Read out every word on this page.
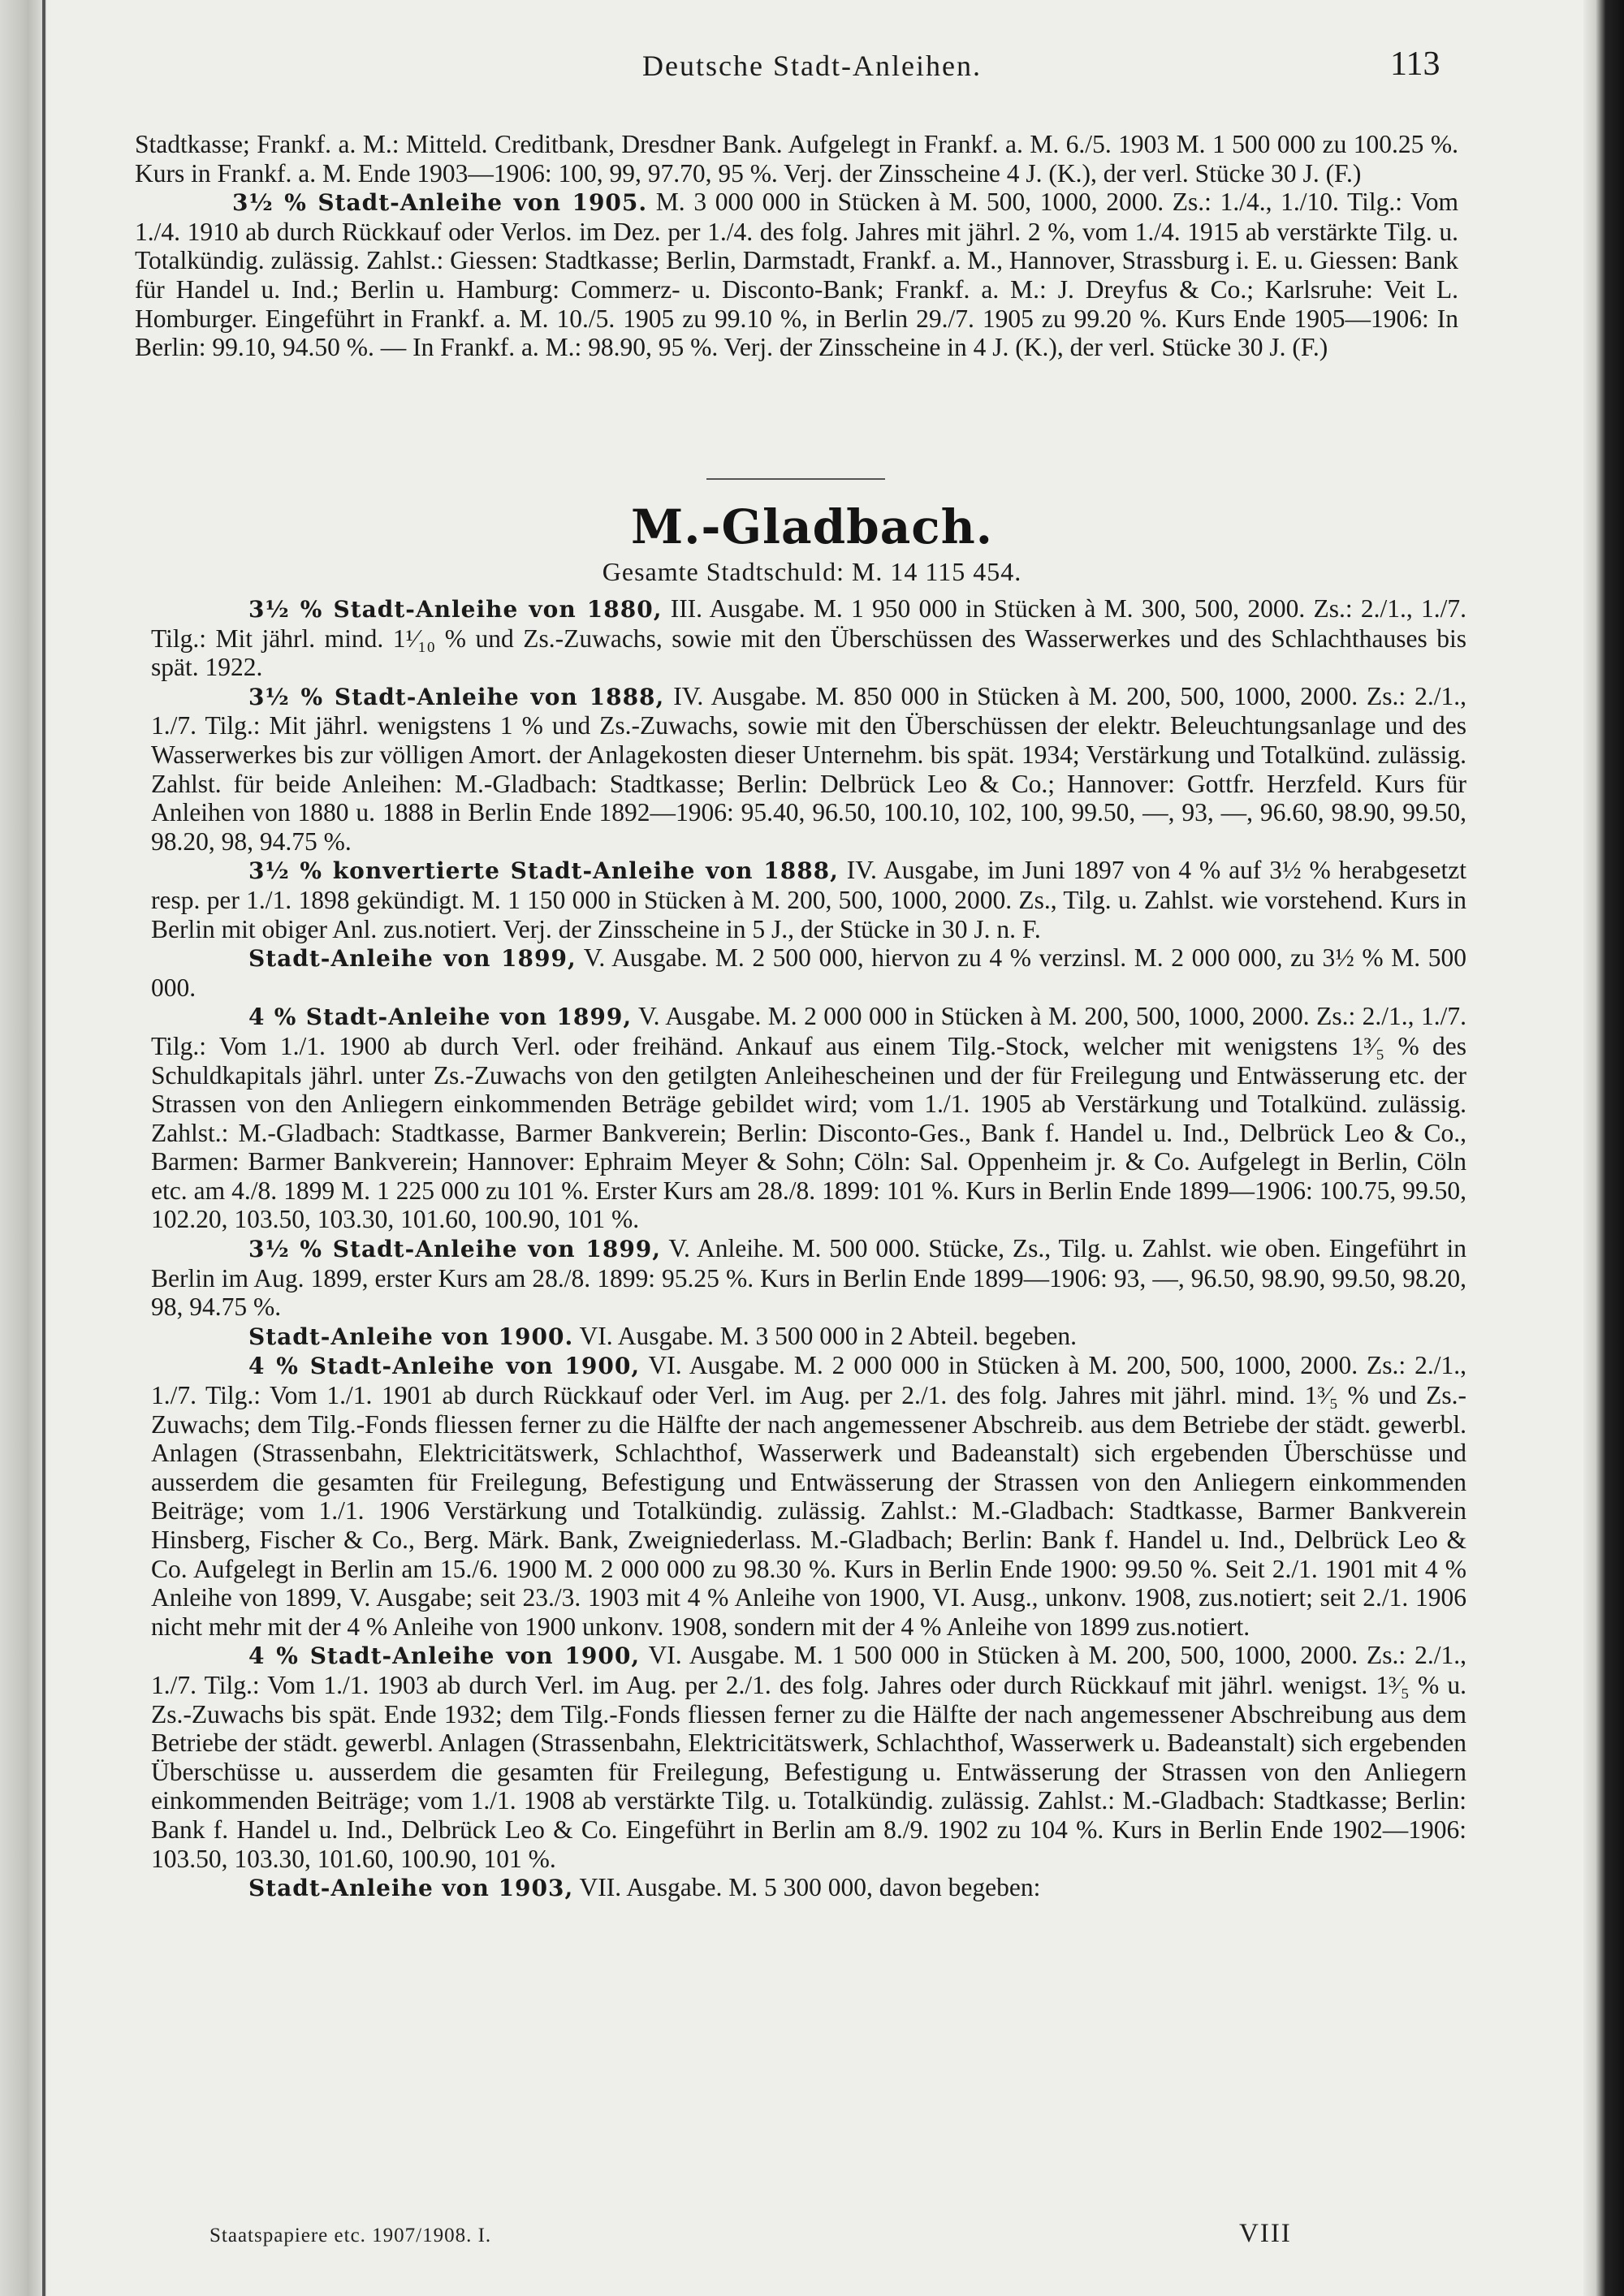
Deutsche Stadt-Anleihen.	113

Stadtkasse; Frankf. a. M.: Mitteld. Creditbank, Dresdner Bank. Aufgelegt in Frankf. a. M. 6./5. 1903 M. 1 500 000 zu 100.25 %. Kurs in Frankf. a. M. Ende 1903—1906: 100, 99, 97.70, 95 %. Verj. der Zinsscheine 4 J. (K.), der verl. Stücke 30 J. (F.)

3½ % Stadt-Anleihe von 1905. M. 3 000 000 in Stücken à M. 500, 1000, 2000. Zs.: 1./4., 1./10. Tilg.: Vom 1./4. 1910 ab durch Rückkauf oder Verlos. im Dez. per 1./4. des folg. Jahres mit jährl. 2 %, vom 1./4. 1915 ab verstärkte Tilg. u. Totalkündig. zulässig. Zahlst.: Giessen: Stadtkasse; Berlin, Darmstadt, Frankf. a. M., Hannover, Strassburg i. E. u. Giessen: Bank für Handel u. Ind.; Berlin u. Hamburg: Commerz- u. Disconto-Bank; Frankf. a. M.: J. Dreyfus & Co.; Karlsruhe: Veit L. Homburger. Eingeführt in Frankf. a. M. 10./5. 1905 zu 99.10 %, in Berlin 29./7. 1905 zu 99.20 %. Kurs Ende 1905—1906: In Berlin: 99.10, 94.50 %. — In Frankf. a. M.: 98.90, 95 %. Verj. der Zinsscheine in 4 J. (K.), der verl. Stücke 30 J. (F.)

M.-Gladbach.
Gesamte Stadtschuld: M. 14 115 454.

3½ % Stadt-Anleihe von 1880, III. Ausgabe. M. 1 950 000 in Stücken à M. 300, 500, 2000. Zs.: 2./1., 1./7. Tilg.: Mit jährl. mind. 1¹⁄₁₀ % und Zs.-Zuwachs, sowie mit den Überschüssen des Wasserwerkes und des Schlachthauses bis spät. 1922.

3½ % Stadt-Anleihe von 1888, IV. Ausgabe. M. 850 000 in Stücken à M. 200, 500, 1000, 2000. Zs.: 2./1., 1./7. Tilg.: Mit jährl. wenigstens 1 % und Zs.-Zuwachs, sowie mit den Überschüssen der elektr. Beleuchtungsanlage und des Wasserwerkes bis zur völligen Amort. der Anlagekosten dieser Unternehm. bis spät. 1934; Verstärkung und Totalkünd. zulässig. Zahlst. für beide Anleihen: M.-Gladbach: Stadtkasse; Berlin: Delbrück Leo & Co.; Hannover: Gottfr. Herzfeld. Kurs für Anleihen von 1880 u. 1888 in Berlin Ende 1892—1906: 95.40, 96.50, 100.10, 102, 100, 99.50, —, 93, —, 96.60, 98.90, 99.50, 98.20, 98, 94.75 %.

3½ % konvertierte Stadt-Anleihe von 1888, IV. Ausgabe, im Juni 1897 von 4 % auf 3½ % herabgesetzt resp. per 1./1. 1898 gekündigt. M. 1 150 000 in Stücken à M. 200, 500, 1000, 2000. Zs., Tilg. u. Zahlst. wie vorstehend. Kurs in Berlin mit obiger Anl. zus.notiert. Verj. der Zinsscheine in 5 J., der Stücke in 30 J. n. F.

Stadt-Anleihe von 1899, V. Ausgabe. M. 2 500 000, hiervon zu 4 % verzinsl. M. 2 000 000, zu 3½ % M. 500 000.

4 % Stadt-Anleihe von 1899, V. Ausgabe. M. 2 000 000 in Stücken à M. 200, 500, 1000, 2000. Zs.: 2./1., 1./7. Tilg.: Vom 1./1. 1900 ab durch Verl. oder freihänd. Ankauf aus einem Tilg.-Stock, welcher mit wenigstens 1³⁄₅ % des Schuldkapitals jährl. unter Zs.-Zuwachs von den getilgten Anleihescheinen und der für Freilegung und Entwässerung etc. der Strassen von den Anliegern einkommenden Beträge gebildet wird; vom 1./1. 1905 ab Verstärkung und Totalkünd. zulässig. Zahlst.: M.-Gladbach: Stadtkasse, Barmer Bankverein; Berlin: Disconto-Ges., Bank f. Handel u. Ind., Delbrück Leo & Co., Barmen: Barmer Bankverein; Hannover: Ephraim Meyer & Sohn; Cöln: Sal. Oppenheim jr. & Co. Aufgelegt in Berlin, Cöln etc. am 4./8. 1899 M. 1 225 000 zu 101 %. Erster Kurs am 28./8. 1899: 101 %. Kurs in Berlin Ende 1899—1906: 100.75, 99.50, 102.20, 103.50, 103.30, 101.60, 100.90, 101 %.

3½ % Stadt-Anleihe von 1899, V. Anleihe. M. 500 000. Stücke, Zs., Tilg. u. Zahlst. wie oben. Eingeführt in Berlin im Aug. 1899, erster Kurs am 28./8. 1899: 95.25 %. Kurs in Berlin Ende 1899—1906: 93, —, 96.50, 98.90, 99.50, 98.20, 98, 94.75 %.

Stadt-Anleihe von 1900. VI. Ausgabe. M. 3 500 000 in 2 Abteil. begeben.

4 % Stadt-Anleihe von 1900, VI. Ausgabe. M. 2 000 000 in Stücken à M. 200, 500, 1000, 2000. Zs.: 2./1., 1./7. Tilg.: Vom 1./1. 1901 ab durch Rückkauf oder Verl. im Aug. per 2./1. des folg. Jahres mit jährl. mind. 1³⁄₅ % und Zs.-Zuwachs; dem Tilg.-Fonds fliessen ferner zu die Hälfte der nach angemessener Abschreib. aus dem Betriebe der städt. gewerbl. Anlagen (Strassenbahn, Elektricitätswerk, Schlachthof, Wasserwerk und Badeanstalt) sich ergebenden Überschüsse und ausserdem die gesamten für Freilegung, Befestigung und Entwässerung der Strassen von den Anliegern einkommenden Beiträge; vom 1./1. 1906 Verstärkung und Totalkündig. zulässig. Zahlst.: M.-Gladbach: Stadtkasse, Barmer Bankverein Hinsberg, Fischer & Co., Berg. Märk. Bank, Zweigniederlass. M.-Gladbach; Berlin: Bank f. Handel u. Ind., Delbrück Leo & Co. Aufgelegt in Berlin am 15./6. 1900 M. 2 000 000 zu 98.30 %. Kurs in Berlin Ende 1900: 99.50 %. Seit 2./1. 1901 mit 4 % Anleihe von 1899, V. Ausgabe; seit 23./3. 1903 mit 4 % Anleihe von 1900, VI. Ausg., unkonv. 1908, zus.notiert; seit 2./1. 1906 nicht mehr mit der 4 % Anleihe von 1900 unkonv. 1908, sondern mit der 4 % Anleihe von 1899 zus.notiert.

4 % Stadt-Anleihe von 1900, VI. Ausgabe. M. 1 500 000 in Stücken à M. 200, 500, 1000, 2000. Zs.: 2./1., 1./7. Tilg.: Vom 1./1. 1903 ab durch Verl. im Aug. per 2./1. des folg. Jahres oder durch Rückkauf mit jährl. wenigst. 1³⁄₅ % u. Zs.-Zuwachs bis spät. Ende 1932; dem Tilg.-Fonds fliessen ferner zu die Hälfte der nach angemessener Abschreibung aus dem Betriebe der städt. gewerbl. Anlagen (Strassenbahn, Elektricitätswerk, Schlachthof, Wasserwerk u. Badeanstalt) sich ergebenden Überschüsse u. ausserdem die gesamten für Freilegung, Befestigung u. Entwässerung der Strassen von den Anliegern einkommenden Beiträge; vom 1./1. 1908 ab verstärkte Tilg. u. Totalkündig. zulässig. Zahlst.: M.-Gladbach: Stadtkasse; Berlin: Bank f. Handel u. Ind., Delbrück Leo & Co. Eingeführt in Berlin am 8./9. 1902 zu 104 %. Kurs in Berlin Ende 1902—1906: 103.50, 103.30, 101.60, 100.90, 101 %.

Stadt-Anleihe von 1903, VII. Ausgabe. M. 5 300 000, davon begeben:

Staatspapiere etc. 1907/1908. I.	VIII
